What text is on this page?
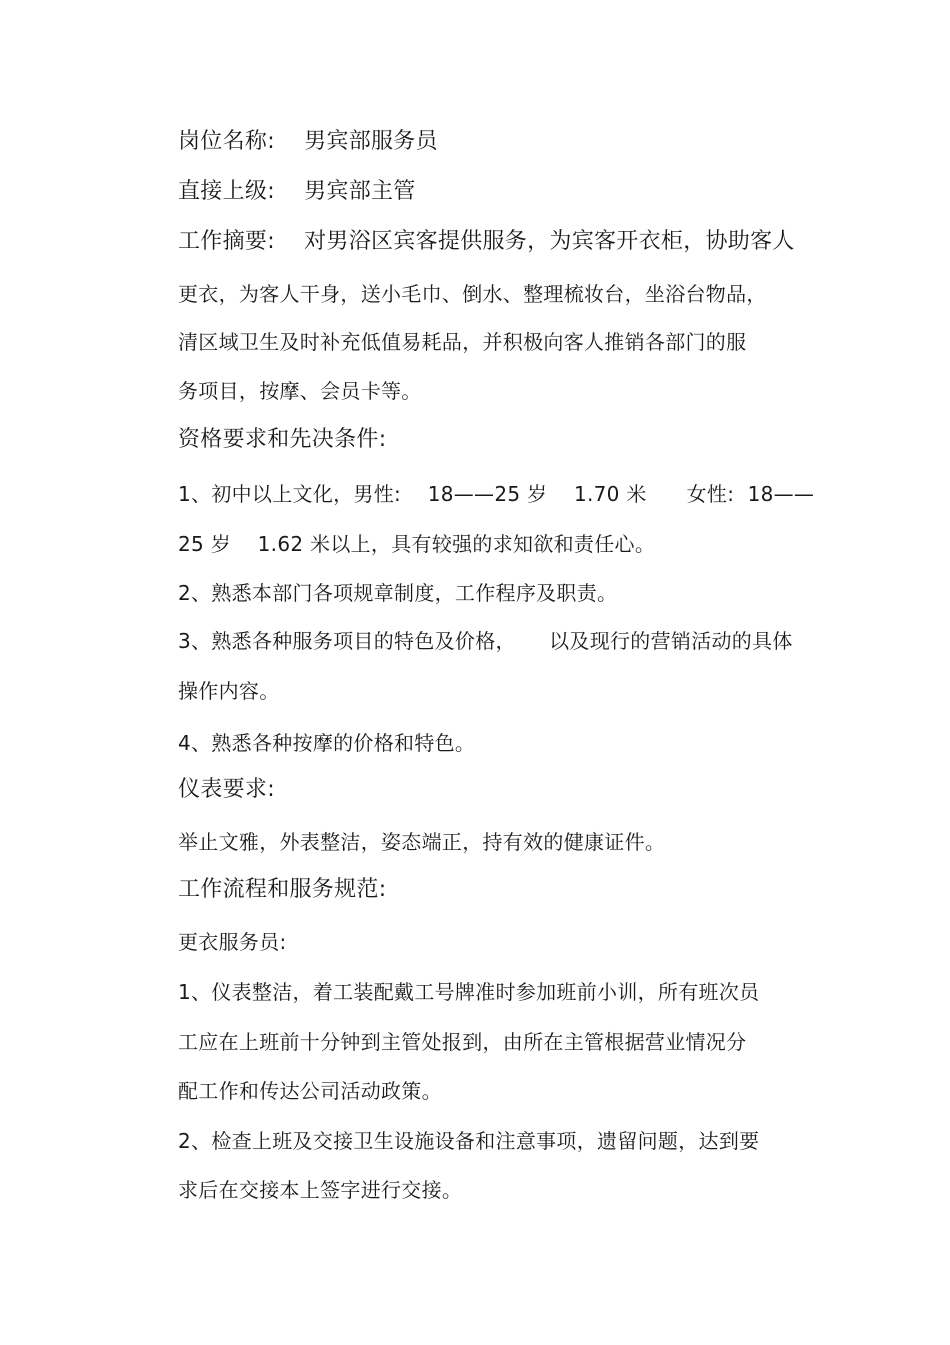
岗位名称: 男宾部服务员
直接上级: 男宾部主管
工作摘要: 对男浴区宾客提供服务，为宾客开衣柜，协助客人
更衣，为客人干身，送小毛巾、倒水、整理梳妆台，坐浴台物品，
清区域卫生及时补充低值易耗品，并积极向客人推销各部门的服
务项目，按摩、会员卡等。
资格要求和先决条件:
1、初中以上文化，男性:    18——25 岁    1.70 米      女性:  18——
25 岁    1.62 米以上，具有较强的求知欲和责任心。
2、熟悉本部门各项规章制度，工作程序及职责。
3、熟悉各种服务项目的特色及价格，     以及现行的营销活动的具体
操作内容。
4、熟悉各种按摩的价格和特色。
仪表要求:
举止文雅，外表整洁，姿态端正，持有效的健康证件。
工作流程和服务规范:
更衣服务员:
1、仪表整洁，着工装配戴工号牌准时参加班前小训，所有班次员
工应在上班前十分钟到主管处报到，由所在主管根据营业情况分
配工作和传达公司活动政策。
2、检查上班及交接卫生设施设备和注意事项，遗留问题，达到要
求后在交接本上签字进行交接。
